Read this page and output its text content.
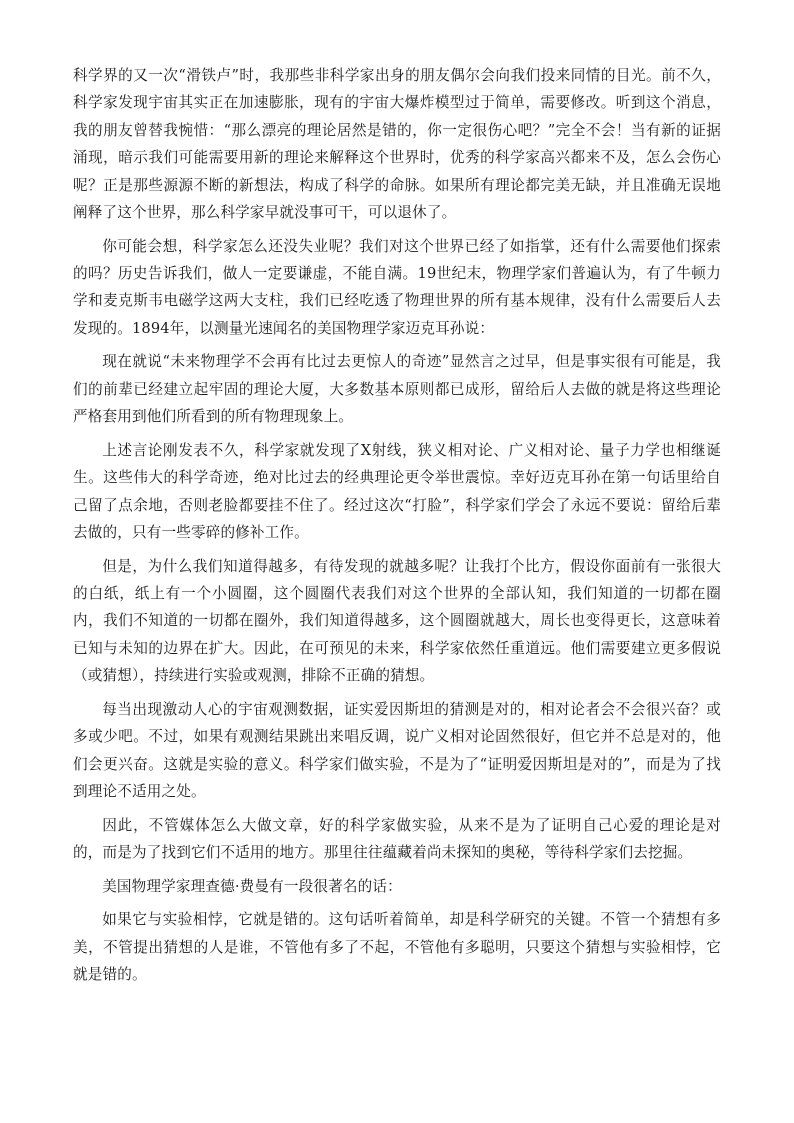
科学界的又一次“滑铁卢”时，我那些非科学家出身的朋友偶尔会向我们投来同情的目光。前不久，科学家发现宇宙其实正在加速膨胀，现有的宇宙大爆炸模型过于简单，需要修改。听到这个消息，我的朋友曾替我惋惜：“那么漂亮的理论居然是错的，你一定很伤心吧？”完全不会！当有新的证据涌现，暗示我们可能需要用新的理论来解释这个世界时，优秀的科学家高兴都来不及，怎么会伤心呢？正是那些源源不断的新想法，构成了科学的命脉。如果所有理论都完美无缺，并且准确无误地阐释了这个世界，那么科学家早就没事可干，可以退休了。

你可能会想，科学家怎么还没失业呢？我们对这个世界已经了如指掌，还有什么需要他们探索的吗？历史告诉我们，做人一定要谦虚，不能自满。19世纪末，物理学家们普遍认为，有了牛顿力学和麦克斯韦电磁学这两大支柱，我们已经吃透了物理世界的所有基本规律，没有什么需要后人去发现的。1894年，以测量光速闻名的美国物理学家迈克耳孙说：

现在就说“未来物理学不会再有比过去更惊人的奇迹”显然言之过早，但是事实很有可能是，我们的前辈已经建立起牢固的理论大厦，大多数基本原则都已成形，留给后人去做的就是将这些理论严格套用到他们所看到的所有物理现象上。

上述言论刚发表不久，科学家就发现了X射线，狭义相对论、广义相对论、量子力学也相继诞生。这些伟大的科学奇迹，绝对比过去的经典理论更令举世震惊。幸好迈克耳孙在第一句话里给自己留了点余地，否则老脸都要挂不住了。经过这次“打脸”，科学家们学会了永远不要说：留给后辈去做的，只有一些零碎的修补工作。

但是，为什么我们知道得越多，有待发现的就越多呢？让我打个比方，假设你面前有一张很大的白纸，纸上有一个小圆圈，这个圆圈代表我们对这个世界的全部认知，我们知道的一切都在圈内，我们不知道的一切都在圈外，我们知道得越多，这个圆圈就越大，周长也变得更长，这意味着已知与未知的边界在扩大。因此，在可预见的未来，科学家依然任重道远。他们需要建立更多假说（或猜想），持续进行实验或观测，排除不正确的猜想。

每当出现激动人心的宇宙观测数据，证实爱因斯坦的猜测是对的，相对论者会不会很兴奋？或多或少吧。不过，如果有观测结果跳出来唱反调，说广义相对论固然很好，但它并不总是对的，他们会更兴奋。这就是实验的意义。科学家们做实验，不是为了“证明爱因斯坦是对的”，而是为了找到理论不适用之处。

因此，不管媒体怎么大做文章，好的科学家做实验，从来不是为了证明自己心爱的理论是对的，而是为了找到它们不适用的地方。那里往往蕴藏着尚未探知的奥秘，等待科学家们去挖掘。

美国物理学家理查德·费曼有一段很著名的话：

如果它与实验相悖，它就是错的。这句话听着简单，却是科学研究的关键。不管一个猜想有多美，不管提出猜想的人是谁，不管他有多了不起，不管他有多聪明，只要这个猜想与实验相悖，它就是错的。
